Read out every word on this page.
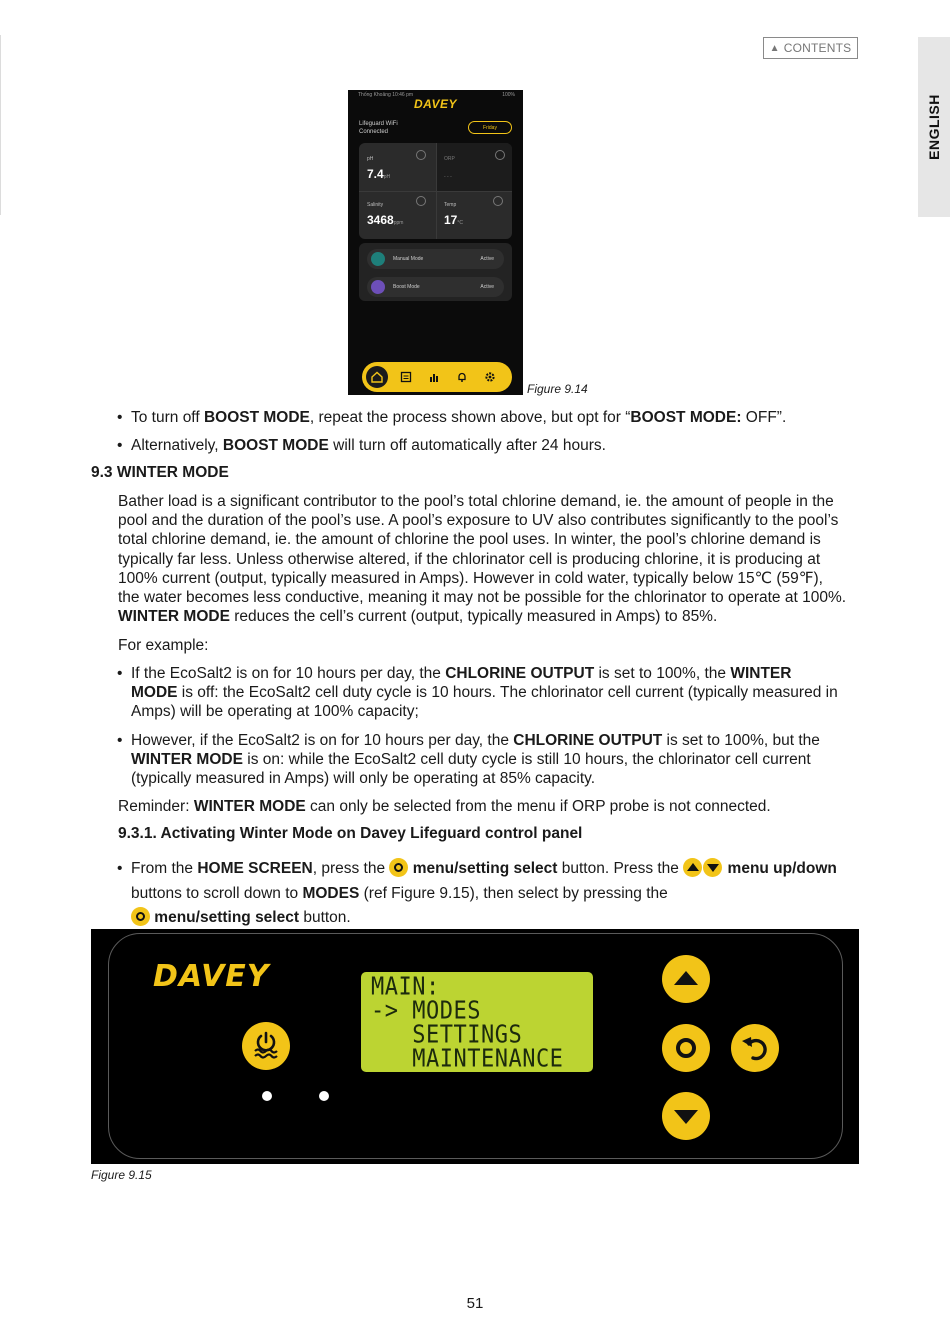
▲ CONTENTS
ENGLISH
Thống Khoảng 10:46 pm	100%
DAVEY
Lifeguard WiFi
Connected
Friday
pH
7.4pH
ORP
- - -
Salinity
3468ppm
Temp
17°C
Manual Mode	Active
Boost Mode	Active
Figure 9.14
• To turn off BOOST MODE, repeat the process shown above, but opt for “BOOST MODE: OFF”.
• Alternatively, BOOST MODE will turn off automatically after 24 hours.
9.3 WINTER MODE
Bather load is a significant contributor to the pool’s total chlorine demand, ie. the amount of people in the
pool and the duration of the pool’s use. A pool’s exposure to UV also contributes significantly to the pool’s
total chlorine demand, ie. the amount of chlorine the pool uses. In winter, the pool’s chlorine demand is
typically far less. Unless otherwise altered, if the chlorinator cell is producing chlorine, it is producing at
100% current (output, typically measured in Amps). However in cold water, typically below 15℃ (59℉),
the water becomes less conductive, meaning it may not be possible for the chlorinator to operate at 100%.
WINTER MODE reduces the cell’s current (output, typically measured in Amps) to 85%.
For example:
• If the EcoSalt2 is on for 10 hours per day, the CHLORINE OUTPUT is set to 100%, the WINTER
MODE is off: the EcoSalt2 cell duty cycle is 10 hours. The chlorinator cell current (typically measured in
Amps) will be operating at 100% capacity;
• However, if the EcoSalt2 is on for 10 hours per day, the CHLORINE OUTPUT is set to 100%, but the
WINTER MODE is on: while the EcoSalt2 cell duty cycle is still 10 hours, the chlorinator cell current
(typically measured in Amps) will only be operating at 85% capacity.
Reminder: WINTER MODE can only be selected from the menu if ORP probe is not connected.
9.3.1. Activating Winter Mode on Davey Lifeguard control panel
• From the HOME SCREEN, press the  menu/setting select button. Press the	menu up/down
buttons to scroll down to MODES (ref Figure 9.15), then select by pressing the
menu/setting select button.
DAVEY	MAIN:
-> MODES
SETTINGS
MAINTENANCE
Figure 9.15
51
